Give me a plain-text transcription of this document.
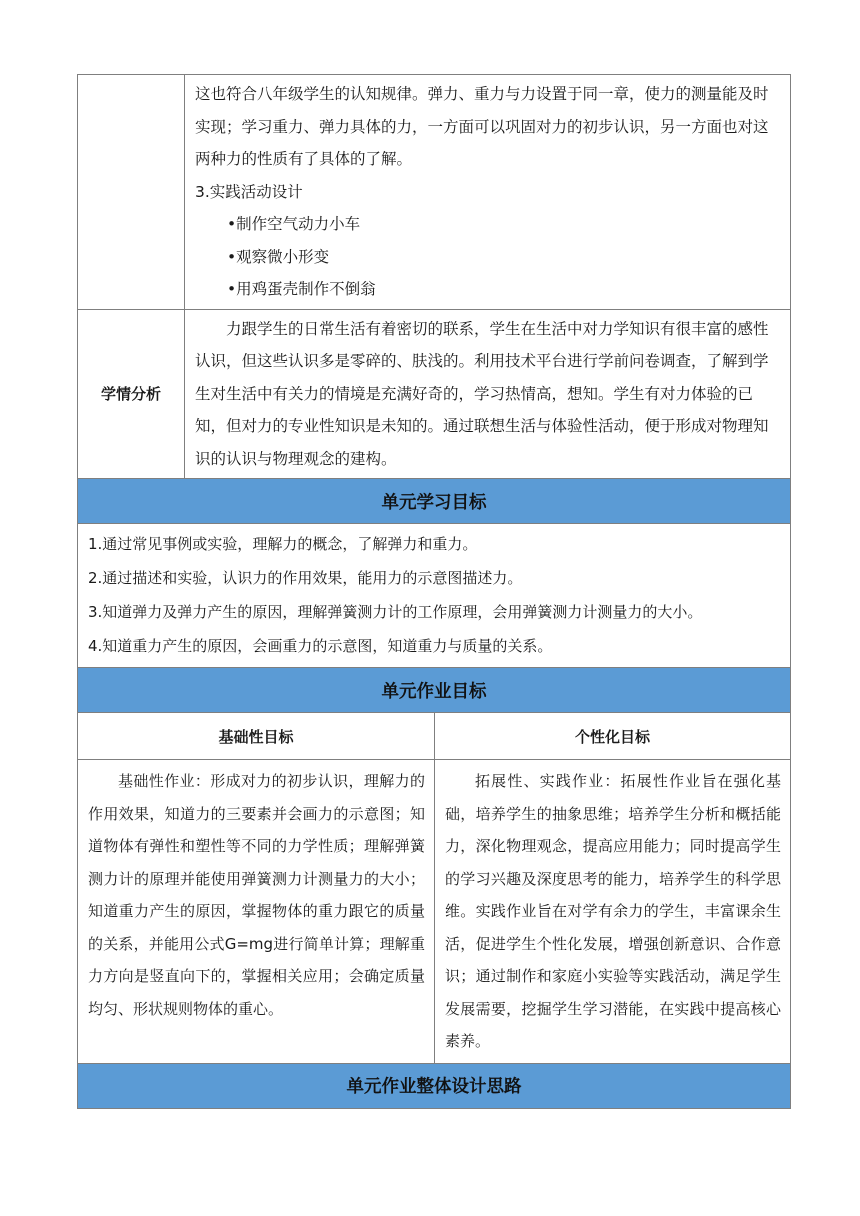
	这也符合八年级学生的认知规律。弹力、重力与力设置于同一章，使力的测量能及时实现；学习重力、弹力具体的力，一方面可以巩固对力的初步认识，另一方面也对这两种力的性质有了具体的了解。

3.实践活动设计

•制作空气动力小车

•观察微小形变

•用鸡蛋壳制作不倒翁	

学情分析	力跟学生的日常生活有着密切的联系，学生在生活中对力学知识有很丰富的感性认识，但这些认识多是零碎的、肤浅的。利用技术平台进行学前问卷调查，了解到学生对生活中有关力的情境是充满好奇的，学习热情高，想知。学生有对力体验的已知，但对力的专业性知识是未知的。通过联想生活与体验性活动，便于形成对物理知识的认识与物理观念的建构。	

单元学习目标		

1.通过常见事例或实验，理解力的概念，了解弹力和重力。
2.通过描述和实验，认识力的作用效果，能用力的示意图描述力。
3.知道弹力及弹力产生的原因，理解弹簧测力计的工作原理，会用弹簧测力计测量力的大小。
4.知道重力产生的原因，会画重力的示意图，知道重力与质量的关系。		

单元作业目标		
基础性目标		个性化目标

基础性作业：形成对力的初步认识，理解力的作用效果，知道力的三要素并会画力的示意图；知道物体有弹性和塑性等不同的力学性质；理解弹簧测力计的原理并能使用弹簧测力计测量力的大小；知道重力产生的原因，掌握物体的重力跟它的质量的关系，并能用公式G=mg进行简单计算；理解重力方向是竖直向下的，掌握相关应用；会确定质量均匀、形状规则物体的重心。		拓展性、实践作业：拓展性作业旨在强化基础，培养学生的抽象思维；培养学生分析和概括能力，深化物理观念，提高应用能力；同时提高学生的学习兴趣及深度思考的能力，培养学生的科学思维。实践作业旨在对学有余力的学生，丰富课余生活，促进学生个性化发展，增强创新意识、合作意识；通过制作和家庭小实验等实践活动，满足学生发展需要，挖掘学生学习潜能，在实践中提高核心素养。

单元作业整体设计思路		
